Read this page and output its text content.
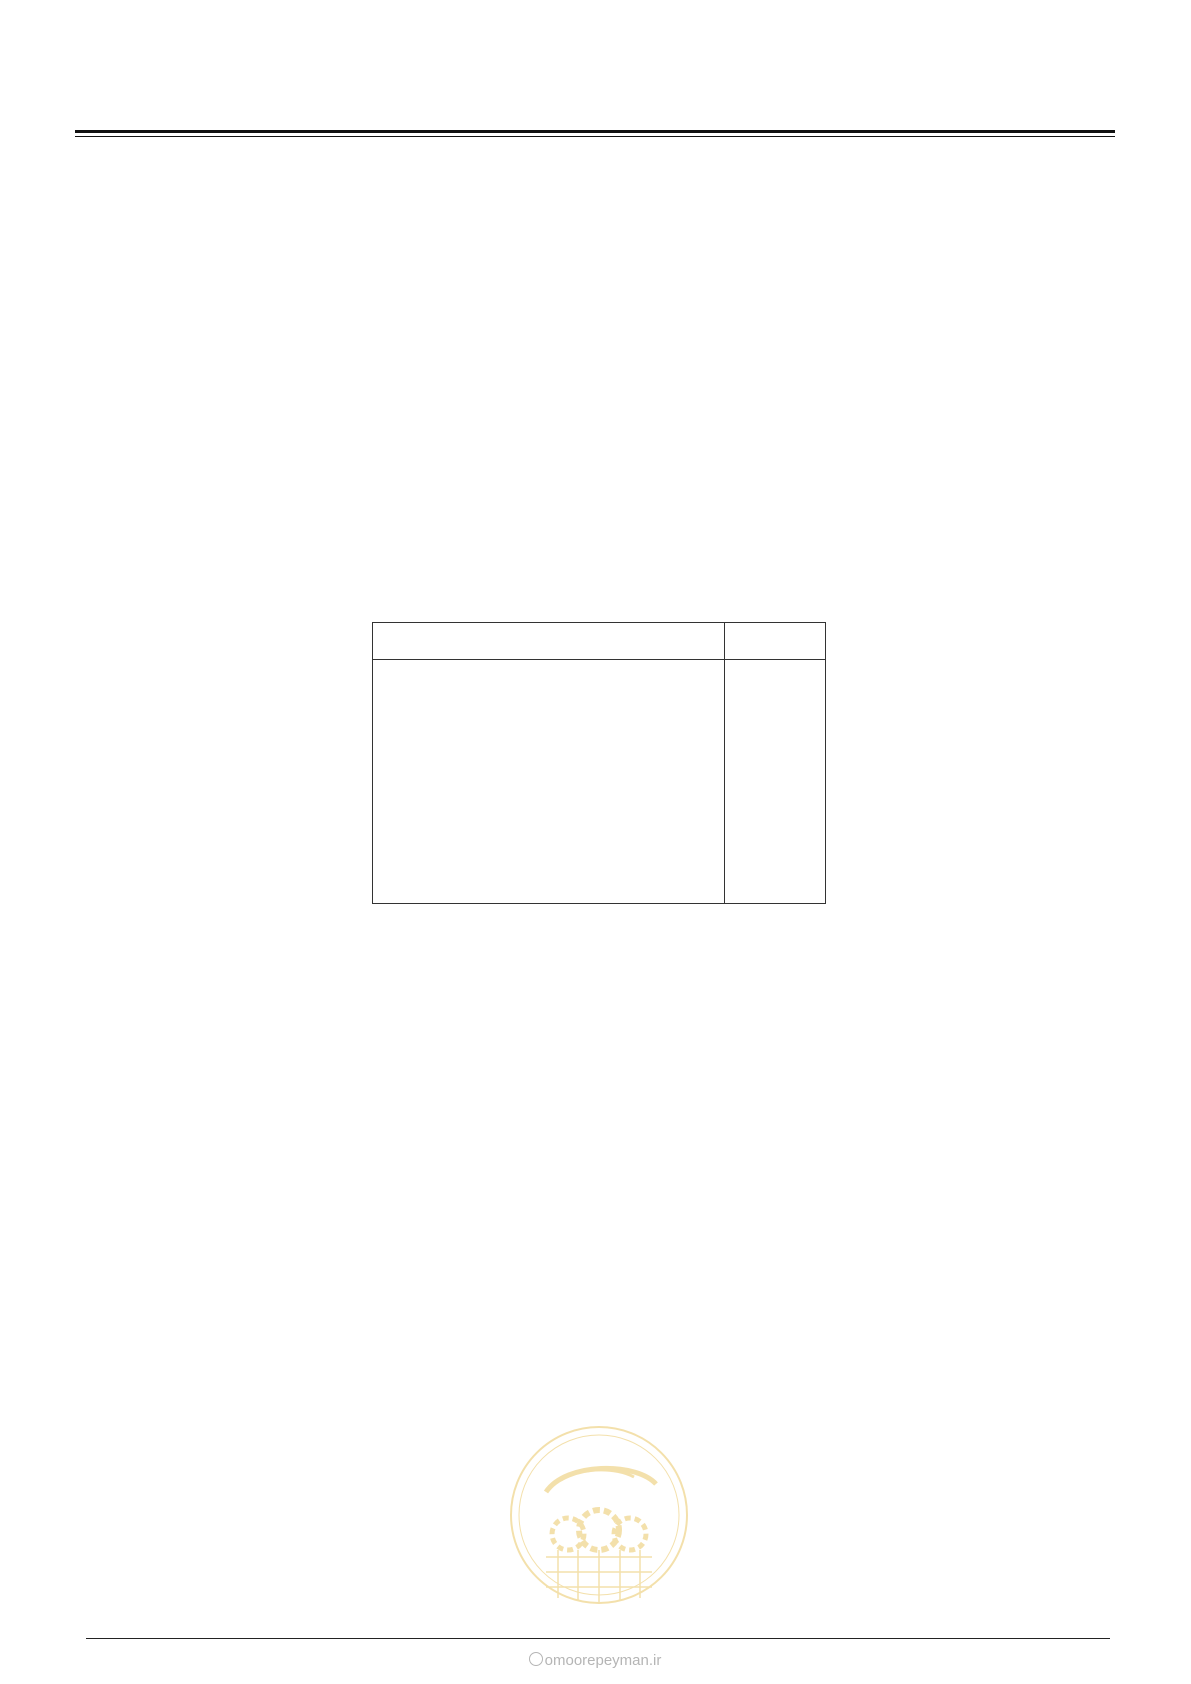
omoorepeyman.ir
